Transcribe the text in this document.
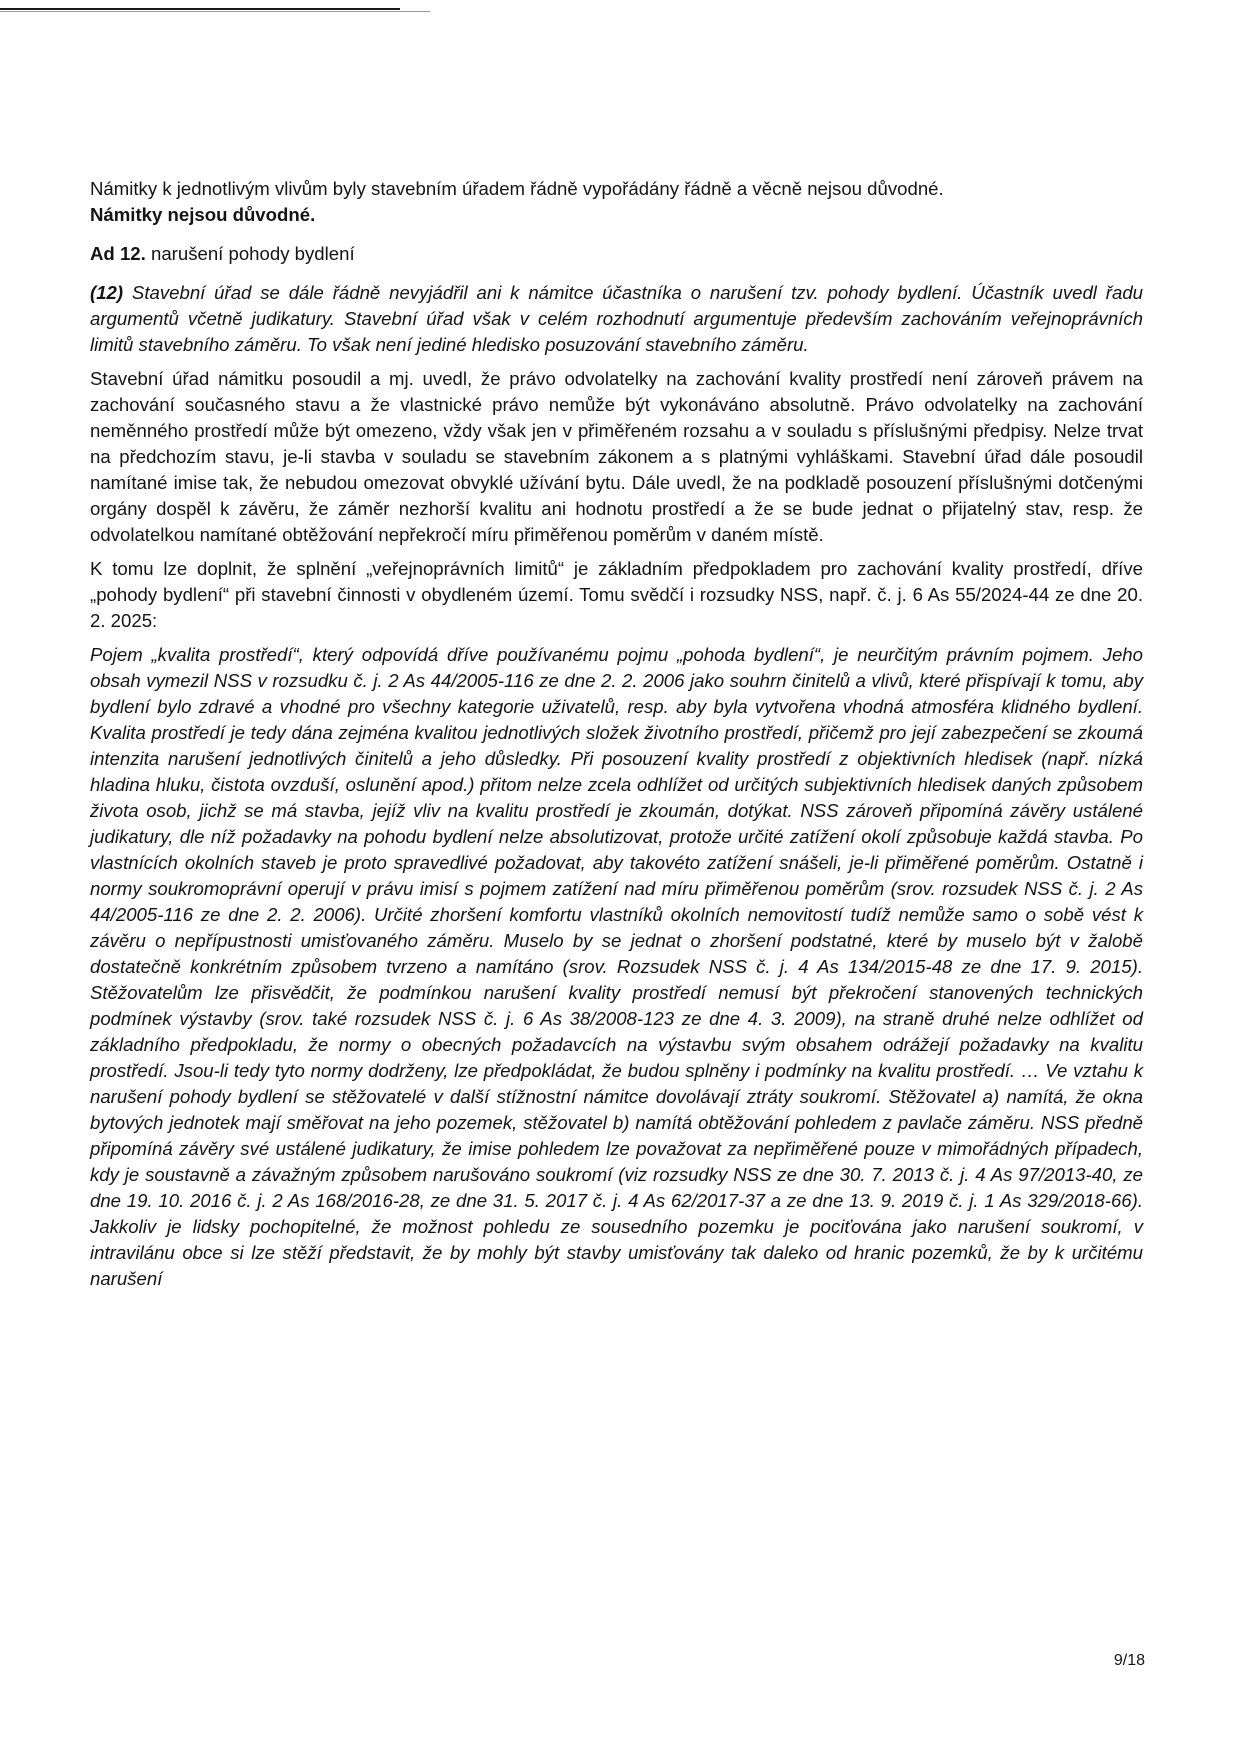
Námitky k jednotlivým vlivům byly stavebním úřadem řádně vypořádány řádně a věcně nejsou důvodné.
Námitky nejsou důvodné.

Ad 12. narušení pohody bydlení

(12) Stavební úřad se dále řádně nevyjádřil ani k námitce účastníka o narušení tzv. pohody bydlení. Účastník uvedl řadu argumentů včetně judikatury. Stavební úřad však v celém rozhodnutí argumentuje především zachováním veřejnoprávních limitů stavebního záměru. To však není jediné hledisko posuzování stavebního záměru.

Stavební úřad námitku posoudil a mj. uvedl, že právo odvolatelky na zachování kvality prostředí není zároveň právem na zachování současného stavu a že vlastnické právo nemůže být vykonáváno absolutně. Právo odvolatelky na zachování neměnného prostředí může být omezeno, vždy však jen v přiměřeném rozsahu a v souladu s příslušnými předpisy. Nelze trvat na předchozím stavu, je-li stavba v souladu se stavebním zákonem a s platnými vyhláškami. Stavební úřad dále posoudil namítané imise tak, že nebudou omezovat obvyklé užívání bytu. Dále uvedl, že na podkladě posouzení příslušnými dotčenými orgány dospěl k závěru, že záměr nezhorší kvalitu ani hodnotu prostředí a že se bude jednat o přijatelný stav, resp. že odvolatelkou namítané obtěžování nepřekročí míru přiměřenou poměrům v daném místě.

K tomu lze doplnit, že splnění „veřejnoprávních limitů“ je základním předpokladem pro zachování kvality prostředí, dříve „pohody bydlení“ při stavební činnosti v obydleném území. Tomu svědčí i rozsudky NSS, např. č. j. 6 As 55/2024-44 ze dne 20. 2. 2025:

Pojem „kvalita prostředí“, který odpovídá dříve používanému pojmu „pohoda bydlení“, je neurčitým právním pojmem. Jeho obsah vymezil NSS v rozsudku č. j. 2 As 44/2005-116 ze dne 2. 2. 2006 jako souhrn činitelů a vlivů, které přispívají k tomu, aby bydlení bylo zdravé a vhodné pro všechny kategorie uživatelů, resp. aby byla vytvořena vhodná atmosféra klidného bydlení. Kvalita prostředí je tedy dána zejména kvalitou jednotlivých složek životního prostředí, přičemž pro její zabezpečení se zkoumá intenzita narušení jednotlivých činitelů a jeho důsledky. Při posouzení kvality prostředí z objektivních hledisek (např. nízká hladina hluku, čistota ovzduší, oslunění apod.) přitom nelze zcela odhlížet od určitých subjektivních hledisek daných způsobem života osob, jichž se má stavba, jejíž vliv na kvalitu prostředí je zkoumán, dotýkat. NSS zároveň připomíná závěry ustálené judikatury, dle níž požadavky na pohodu bydlení nelze absolutizovat, protože určité zatížení okolí způsobuje každá stavba. Po vlastnících okolních staveb je proto spravedlivé požadovat, aby takovéto zatížení snášeli, je-li přiměřené poměrům. Ostatně i normy soukromoprávní operují v právu imisí s pojmem zatížení nad míru přiměřenou poměrům (srov. rozsudek NSS č. j. 2 As 44/2005-116 ze dne 2. 2. 2006). Určité zhoršení komfortu vlastníků okolních nemovitostí tudíž nemůže samo o sobě vést k závěru o nepřípustnosti umisťovaného záměru. Muselo by se jednat o zhoršení podstatné, které by muselo být v žalobě dostatečně konkrétním způsobem tvrzeno a namítáno (srov. Rozsudek NSS č. j. 4 As 134/2015-48 ze dne 17. 9. 2015). Stěžovatelům lze přisvědčit, že podmínkou narušení kvality prostředí nemusí být překročení stanovených technických podmínek výstavby (srov. také rozsudek NSS č. j. 6 As 38/2008-123 ze dne 4. 3. 2009), na straně druhé nelze odhlížet od základního předpokladu, že normy o obecných požadavcích na výstavbu svým obsahem odrážejí požadavky na kvalitu prostředí. Jsou-li tedy tyto normy dodrženy, lze předpokládat, že budou splněny i podmínky na kvalitu prostředí. … Ve vztahu k narušení pohody bydlení se stěžovatelé v další stížnostní námitce dovolávají ztráty soukromí. Stěžovatel a) namítá, že okna bytových jednotek mají směřovat na jeho pozemek, stěžovatel b) namítá obtěžování pohledem z pavlače záměru. NSS předně připomíná závěry své ustálené judikatury, že imise pohledem lze považovat za nepřiměřené pouze v mimořádných případech, kdy je soustavně a závažným způsobem narušováno soukromí (viz rozsudky NSS ze dne 30. 7. 2013 č. j. 4 As 97/2013-40, ze dne 19. 10. 2016 č. j. 2 As 168/2016-28, ze dne 31. 5. 2017 č. j. 4 As 62/2017-37 a ze dne 13. 9. 2019 č. j. 1 As 329/2018-66). Jakkoliv je lidsky pochopitelné, že možnost pohledu ze sousedního pozemku je pociťována jako narušení soukromí, v intravilánu obce si lze stěží představit, že by mohly být stavby umisťovány tak daleko od hranic pozemků, že by k určitému narušení

9/18
